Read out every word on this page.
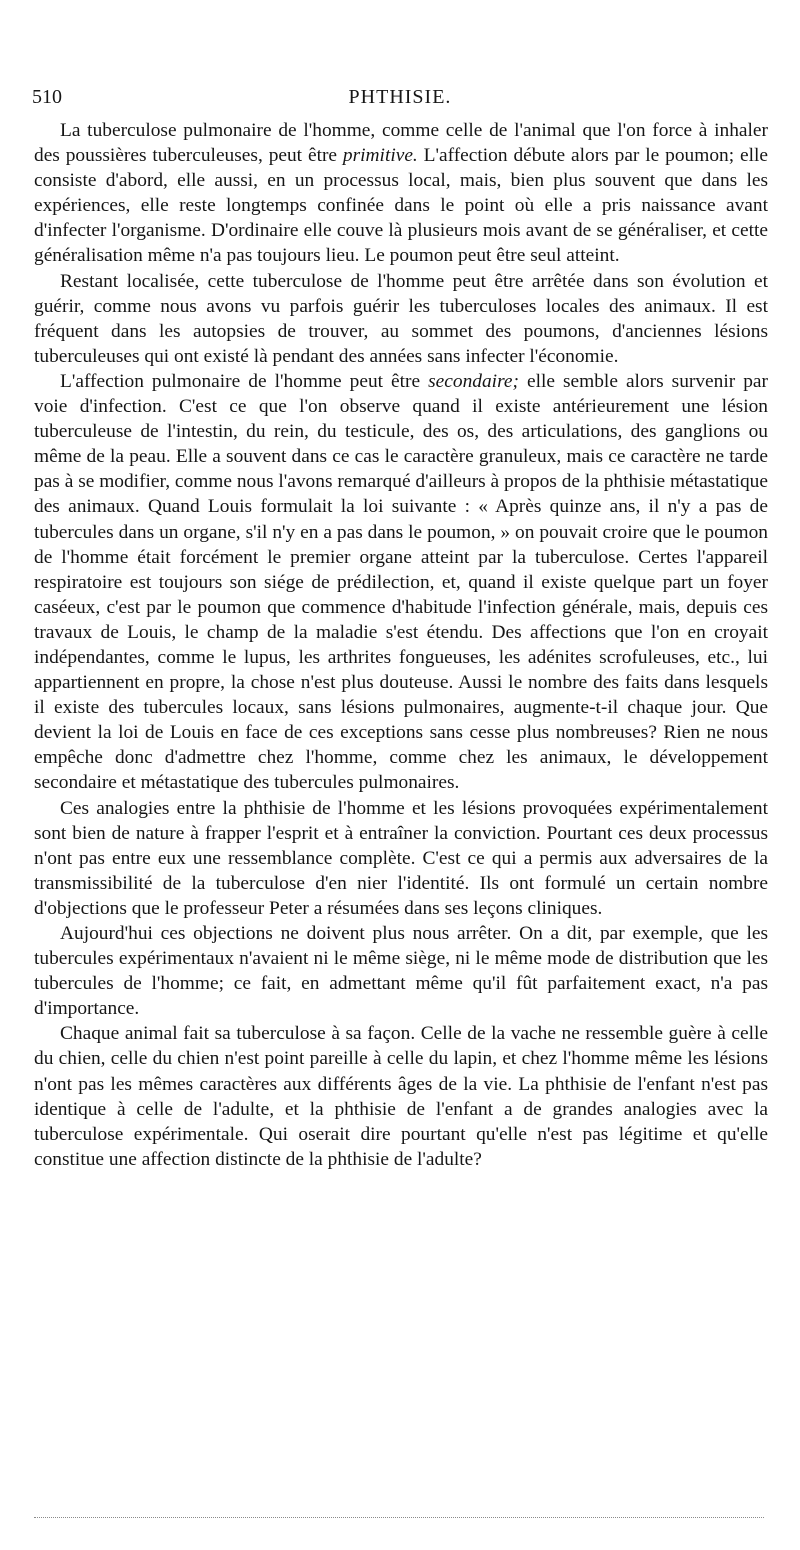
510	PHTHISIE.

La tuberculose pulmonaire de l'homme, comme celle de l'animal que l'on force à inhaler des poussières tuberculeuses, peut être primitive. L'affection débute alors par le poumon; elle consiste d'abord, elle aussi, en un processus local, mais, bien plus souvent que dans les expériences, elle reste longtemps confinée dans le point où elle a pris naissance avant d'infecter l'organisme. D'ordinaire elle couve là plusieurs mois avant de se généraliser, et cette généralisation même n'a pas toujours lieu. Le poumon peut être seul atteint.

Restant localisée, cette tuberculose de l'homme peut être arrêtée dans son évolution et guérir, comme nous avons vu parfois guérir les tuberculoses locales des animaux. Il est fréquent dans les autopsies de trouver, au sommet des poumons, d'anciennes lésions tuberculeuses qui ont existé là pendant des années sans infecter l'économie.

L'affection pulmonaire de l'homme peut être secondaire; elle semble alors survenir par voie d'infection. C'est ce que l'on observe quand il existe antérieurement une lésion tuberculeuse de l'intestin, du rein, du testicule, des os, des articulations, des ganglions ou même de la peau. Elle a souvent dans ce cas le caractère granuleux, mais ce caractère ne tarde pas à se modifier, comme nous l'avons remarqué d'ailleurs à propos de la phthisie métastatique des animaux. Quand Louis formulait la loi suivante : « Après quinze ans, il n'y a pas de tubercules dans un organe, s'il n'y en a pas dans le poumon, » on pouvait croire que le poumon de l'homme était forcément le premier organe atteint par la tuberculose. Certes l'appareil respiratoire est toujours son siége de prédilection, et, quand il existe quelque part un foyer caséeux, c'est par le poumon que commence d'habitude l'infection générale, mais, depuis ces travaux de Louis, le champ de la maladie s'est étendu. Des affections que l'on en croyait indépendantes, comme le lupus, les arthrites fongueuses, les adénites scrofuleuses, etc., lui appartiennent en propre, la chose n'est plus douteuse. Aussi le nombre des faits dans lesquels il existe des tubercules locaux, sans lésions pulmonaires, augmente-t-il chaque jour. Que devient la loi de Louis en face de ces exceptions sans cesse plus nombreuses? Rien ne nous empêche donc d'admettre chez l'homme, comme chez les animaux, le développement secondaire et métastatique des tubercules pulmonaires.

Ces analogies entre la phthisie de l'homme et les lésions provoquées expérimentalement sont bien de nature à frapper l'esprit et à entraîner la conviction. Pourtant ces deux processus n'ont pas entre eux une ressemblance complète. C'est ce qui a permis aux adversaires de la transmissibilité de la tuberculose d'en nier l'identité. Ils ont formulé un certain nombre d'objections que le professeur Peter a résumées dans ses leçons cliniques.

Aujourd'hui ces objections ne doivent plus nous arrêter. On a dit, par exemple, que les tubercules expérimentaux n'avaient ni le même siège, ni le même mode de distribution que les tubercules de l'homme; ce fait, en admettant même qu'il fût parfaitement exact, n'a pas d'importance.

Chaque animal fait sa tuberculose à sa façon. Celle de la vache ne ressemble guère à celle du chien, celle du chien n'est point pareille à celle du lapin, et chez l'homme même les lésions n'ont pas les mêmes caractères aux différents âges de la vie. La phthisie de l'enfant n'est pas identique à celle de l'adulte, et la phthisie de l'enfant a de grandes analogies avec la tuberculose expérimentale. Qui oserait dire pourtant qu'elle n'est pas légitime et qu'elle constitue une affection distincte de la phthisie de l'adulte?
